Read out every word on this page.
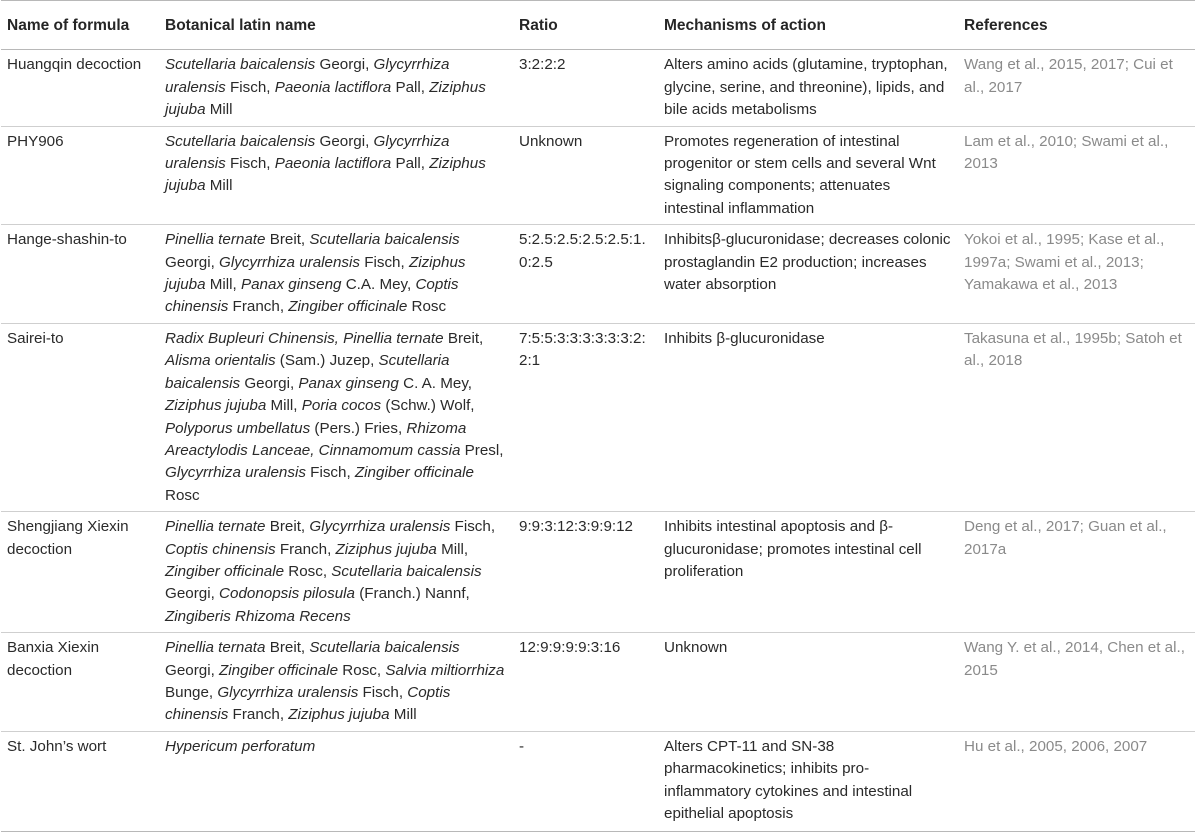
Name of formula	Botanical latin name	Ratio	Mechanisms of action	References
Huangqin decoction	Scutellaria baicalensis Georgi, Glycyrrhiza uralensis Fisch, Paeonia lactiflora Pall, Ziziphus jujuba Mill	3:2:2:2	Alters amino acids (glutamine, tryptophan, glycine, serine, and threonine), lipids, and bile acids metabolisms	Wang et al., 2015, 2017; Cui et al., 2017
PHY906	Scutellaria baicalensis Georgi, Glycyrrhiza uralensis Fisch, Paeonia lactiflora Pall, Ziziphus jujuba Mill	Unknown	Promotes regeneration of intestinal progenitor or stem cells and several Wnt signaling components; attenuates intestinal inflammation	Lam et al., 2010; Swami et al., 2013
Hange-shashin-to	Pinellia ternate Breit, Scutellaria baicalensis Georgi, Glycyrrhiza uralensis Fisch, Ziziphus jujuba Mill, Panax ginseng C.A. Mey, Coptis chinensis Franch, Zingiber officinale Rosc	5:2.5:2.5:2.5:2.5:1.0:2.5	Inhibitsβ-glucuronidase; decreases colonic prostaglandin E2 production; increases water absorption	Yokoi et al., 1995; Kase et al., 1997a; Swami et al., 2013; Yamakawa et al., 2013
Sairei-to	Radix Bupleuri Chinensis, Pinellia ternate Breit, Alisma orientalis (Sam.) Juzep, Scutellaria baicalensis Georgi, Panax ginseng C. A. Mey, Ziziphus jujuba Mill, Poria cocos (Schw.) Wolf, Polyporus umbellatus (Pers.) Fries, Rhizoma Areactylodis Lanceae, Cinnamomum cassia Presl, Glycyrrhiza uralensis Fisch, Zingiber officinale Rosc	7:5:5:3:3:3:3:3:3:2:2:1	Inhibits β-glucuronidase	Takasuna et al., 1995b; Satoh et al., 2018
Shengjiang Xiexin decoction	Pinellia ternate Breit, Glycyrrhiza uralensis Fisch, Coptis chinensis Franch, Ziziphus jujuba Mill, Zingiber officinale Rosc, Scutellaria baicalensis Georgi, Codonopsis pilosula (Franch.) Nannf, Zingiberis Rhizoma Recens	9:9:3:12:3:9:9:12	Inhibits intestinal apoptosis and β-glucuronidase; promotes intestinal cell proliferation	Deng et al., 2017; Guan et al., 2017a
Banxia Xiexin decoction	Pinellia ternata Breit, Scutellaria baicalensis Georgi, Zingiber officinale Rosc, Salvia miltiorrhiza Bunge, Glycyrrhiza uralensis Fisch, Coptis chinensis Franch, Ziziphus jujuba Mill	12:9:9:9:9:3:16	Unknown	Wang Y. et al., 2014, Chen et al., 2015
St. John’s wort	Hypericum perforatum	-	Alters CPT-11 and SN-38 pharmacokinetics; inhibits pro-inflammatory cytokines and intestinal epithelial apoptosis	Hu et al., 2005, 2006, 2007
